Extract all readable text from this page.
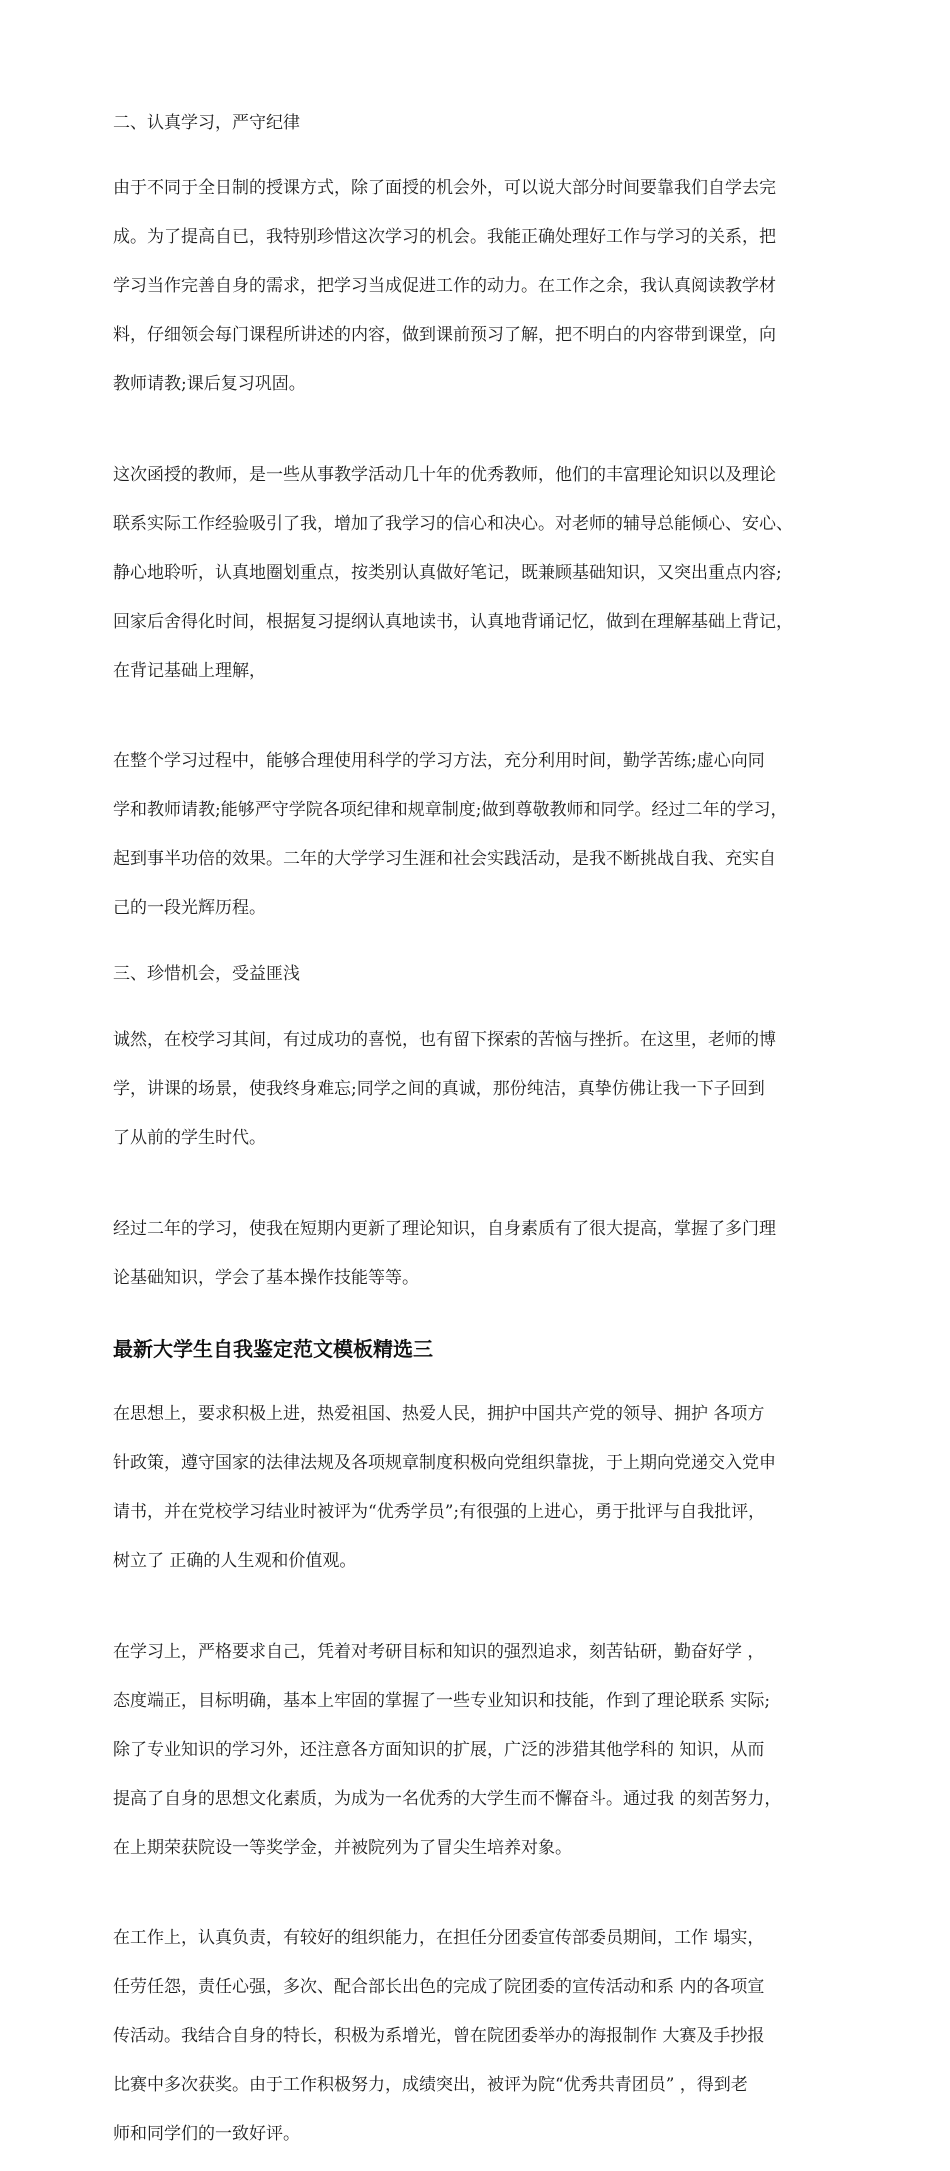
二、认真学习，严守纪律

由于不同于全日制的授课方式，除了面授的机会外，可以说大部分时间要靠我们自学去完

成。为了提高自已，我特别珍惜这次学习的机会。我能正确处理好工作与学习的关系，把

学习当作完善自身的需求，把学习当成促进工作的动力。在工作之余，我认真阅读教学材

料，仔细领会每门课程所讲述的内容，做到课前预习了解，把不明白的内容带到课堂，向

教师请教;课后复习巩固。

这次函授的教师，是一些从事教学活动几十年的优秀教师，他们的丰富理论知识以及理论

联系实际工作经验吸引了我，增加了我学习的信心和决心。对老师的辅导总能倾心、安心、

静心地聆听，认真地圈划重点，按类别认真做好笔记，既兼顾基础知识，又突出重点内容;

回家后舍得化时间，根据复习提纲认真地读书，认真地背诵记忆，做到在理解基础上背记，

在背记基础上理解，

在整个学习过程中，能够合理使用科学的学习方法，充分利用时间，勤学苦练;虚心向同

学和教师请教;能够严守学院各项纪律和规章制度;做到尊敬教师和同学。经过二年的学习，

起到事半功倍的效果。二年的大学学习生涯和社会实践活动，是我不断挑战自我、充实自

己的一段光辉历程。

三、珍惜机会，受益匪浅

诚然，在校学习其间，有过成功的喜悦，也有留下探索的苦恼与挫折。在这里，老师的博

学，讲课的场景，使我终身难忘;同学之间的真诚，那份纯洁，真挚仿佛让我一下子回到

了从前的学生时代。

经过二年的学习，使我在短期内更新了理论知识，自身素质有了很大提高，掌握了多门理

论基础知识，学会了基本操作技能等等。

最新大学生自我鉴定范文模板精选三

在思想上，要求积极上进，热爱祖国、热爱人民，拥护中国共产党的领导、拥护 各项方

针政策，遵守国家的法律法规及各项规章制度积极向党组织靠拢，于上期向党递交入党申

请书，并在党校学习结业时被评为“优秀学员”;有很强的上进心，勇于批评与自我批评，

树立了 正确的人生观和价值观。

在学习上，严格要求自己，凭着对考研目标和知识的强烈追求，刻苦钻研，勤奋好学 ，

态度端正，目标明确，基本上牢固的掌握了一些专业知识和技能，作到了理论联系 实际;

除了专业知识的学习外，还注意各方面知识的扩展，广泛的涉猎其他学科的 知识，从而

提高了自身的思想文化素质，为成为一名优秀的大学生而不懈奋斗。通过我 的刻苦努力，

在上期荣获院设一等奖学金，并被院列为了冒尖生培养对象。

在工作上，认真负责，有较好的组织能力，在担任分团委宣传部委员期间，工作 塌实，

任劳任怨，责任心强，多次、配合部长出色的完成了院团委的宣传活动和系 内的各项宣

传活动。我结合自身的特长，积极为系增光，曾在院团委举办的海报制作 大赛及手抄报

比赛中多次获奖。由于工作积极努力，成绩突出，被评为院“优秀共青团员” ，得到老

师和同学们的一致好评。
